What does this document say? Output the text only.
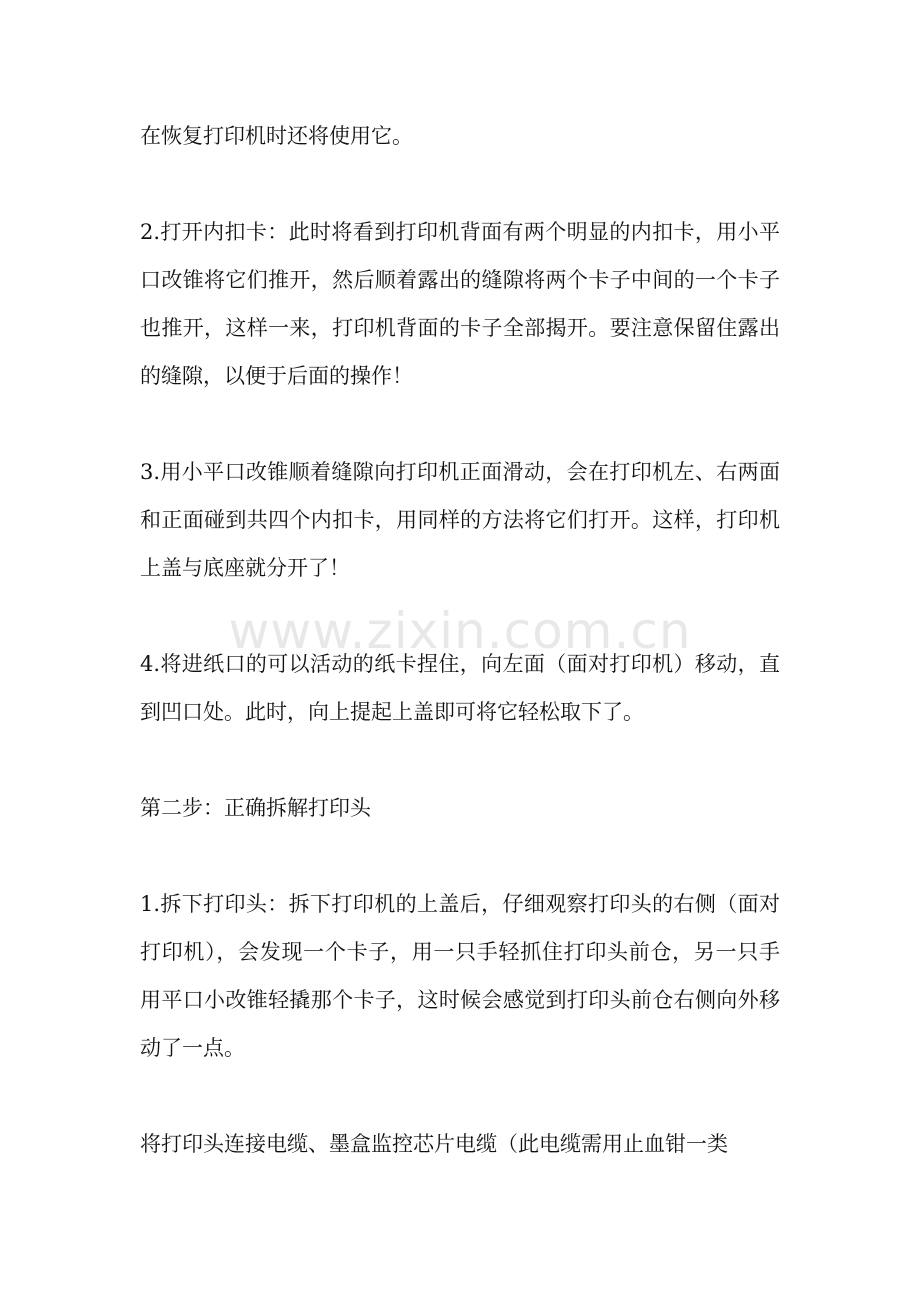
在恢复打印机时还将使用它。

2.打开内扣卡：此时将看到打印机背面有两个明显的内扣卡，用小平口改锥将它们推开，然后顺着露出的缝隙将两个卡子中间的一个卡子也推开，这样一来，打印机背面的卡子全部揭开。要注意保留住露出的缝隙，以便于后面的操作！

3.用小平口改锥顺着缝隙向打印机正面滑动，会在打印机左、右两面和正面碰到共四个内扣卡，用同样的方法将它们打开。这样，打印机上盖与底座就分开了！

4.将进纸口的可以活动的纸卡捏住，向左面（面对打印机）移动，直到凹口处。此时，向上提起上盖即可将它轻松取下了。

第二步：正确拆解打印头

1.拆下打印头：拆下打印机的上盖后，仔细观察打印头的右侧（面对打印机），会发现一个卡子，用一只手轻抓住打印头前仓，另一只手用平口小改锥轻撬那个卡子，这时候会感觉到打印头前仓右侧向外移动了一点。

将打印头连接电缆、墨盒监控芯片电缆（此电缆需用止血钳一类

www.zixin.com.cn
